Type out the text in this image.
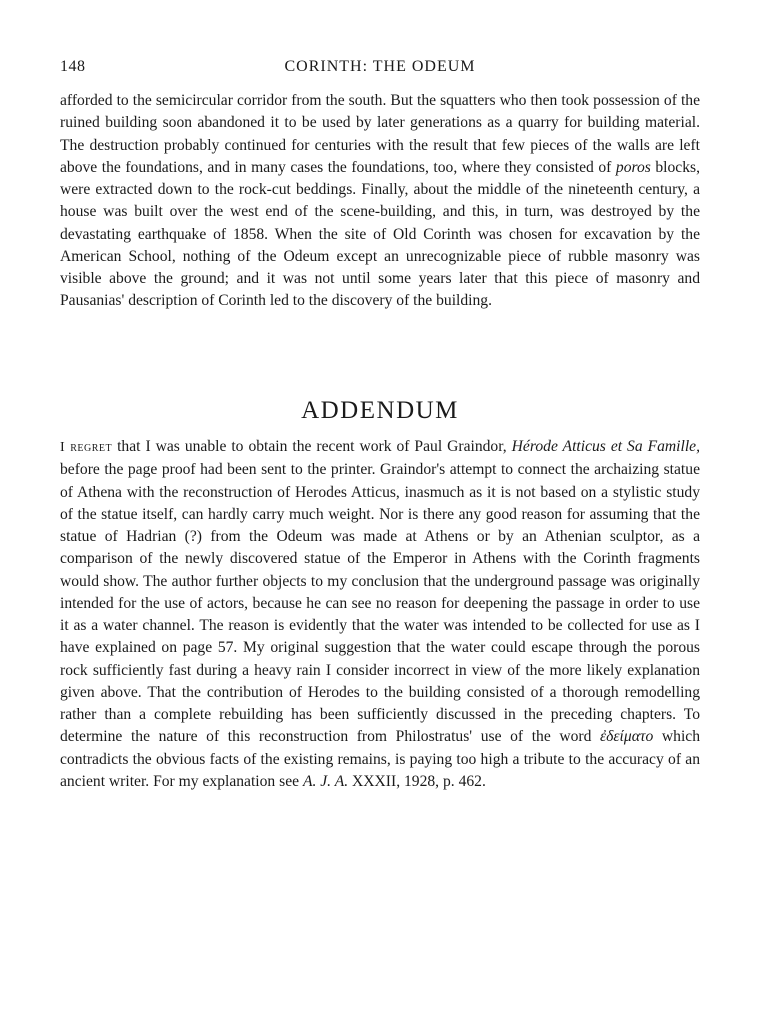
148	CORINTH: THE ODEUM

afforded to the semicircular corridor from the south. But the squatters who then took possession of the ruined building soon abandoned it to be used by later generations as a quarry for building material. The destruction probably continued for centuries with the result that few pieces of the walls are left above the foundations, and in many cases the foundations, too, where they consisted of poros blocks, were extracted down to the rock-cut beddings. Finally, about the middle of the nineteenth century, a house was built over the west end of the scene-building, and this, in turn, was destroyed by the devastating earthquake of 1858. When the site of Old Corinth was chosen for excavation by the American School, nothing of the Odeum except an unrecognizable piece of rubble masonry was visible above the ground; and it was not until some years later that this piece of masonry and Pausanias' description of Corinth led to the discovery of the building.

ADDENDUM

I regret that I was unable to obtain the recent work of Paul Graindor, Hérode Atticus et Sa Famille, before the page proof had been sent to the printer. Graindor's attempt to connect the archaizing statue of Athena with the reconstruction of Herodes Atticus, inasmuch as it is not based on a stylistic study of the statue itself, can hardly carry much weight. Nor is there any good reason for assuming that the statue of Hadrian (?) from the Odeum was made at Athens or by an Athenian sculptor, as a comparison of the newly discovered statue of the Emperor in Athens with the Corinth fragments would show. The author further objects to my conclusion that the underground passage was originally intended for the use of actors, because he can see no reason for deepening the passage in order to use it as a water channel. The reason is evidently that the water was intended to be collected for use as I have explained on page 57. My original suggestion that the water could escape through the porous rock sufficiently fast during a heavy rain I consider incorrect in view of the more likely explanation given above. That the contribution of Herodes to the building consisted of a thorough remodelling rather than a complete rebuilding has been sufficiently discussed in the preceding chapters. To determine the nature of this reconstruction from Philostratus' use of the word ἐδείματο which contradicts the obvious facts of the existing remains, is paying too high a tribute to the accuracy of an ancient writer. For my explanation see A. J. A. XXXII, 1928, p. 462.
